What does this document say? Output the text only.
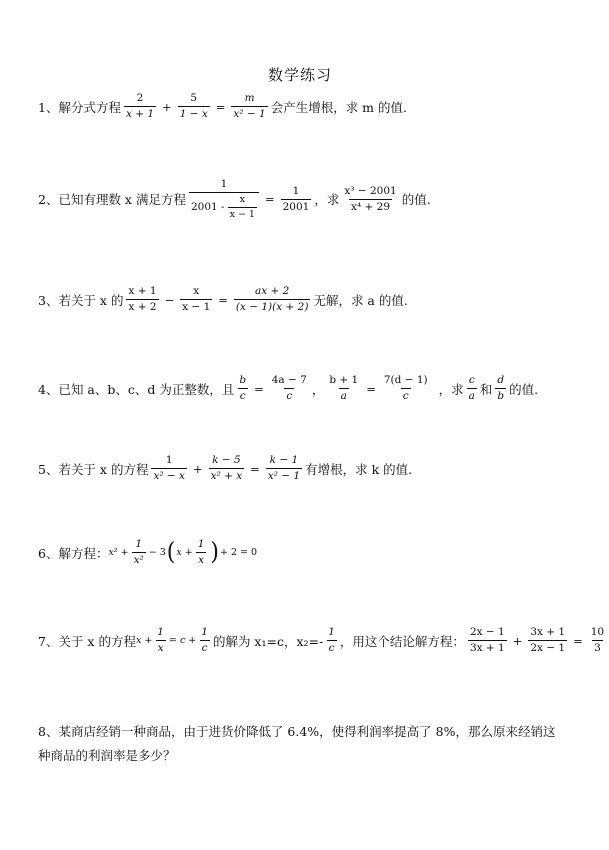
数学练习
1、解分式方程 $\frac{2}{x + 1} + \frac{5}{1 - x} = \frac{m}{\text{x² − 1}}$ 会产生增根，求 m 的值.
2、已知有理数 x 满足方程 $\frac{1}{2001 - \frac{x}{x - 1}} = \frac{1}{2001}$ ，求 $\frac{\text{x³ − 2001}}{\text{x⁴ + 29}}$ 的值.
3、若关于 x 的 $\frac{x + 1}{x + 2} - \frac{x}{x - 1} = \frac{ax + 2}{(x - 1)(x + 2)}$ 无解，求 a 的值.
4、已知 a、b、c、d 为正整数，且 $\frac{b}{c} = \frac{4a - 7}{c}$ ， $\frac{b + 1}{a} = \frac{7(d - 1)}{c}$ ，求 $\frac{c}{a}$ 和 $\frac{d}{b}$ 的值.
5、若关于 x 的方程 $\frac{1}{\text{x² − x}} + \frac{k - 5}{\text{x² + x}} = \frac{k - 1}{\text{x² − 1}}$ 有增根，求 k 的值.
6、解方程： $x^2 + \frac{1}{\text{x²}} - 3$ ( $x + \frac{1}{x}$ ) + 2 = 0
7、关于 x 的方程 $x + \frac{1}{x} = c + \frac{1}{c}$ 的解为 x₁=c，$x_2=- \frac{1}{c}$ ，用这个结论解方程： $\frac{2x - 1}{3x + 1} + \frac{3x + 1}{2x - 1} = \frac{10}{3}$
8、某商店经销一种商品，由于进货价降低了 6.4%，使得利润率提高了 8%，那么原来经销这种商品的利润率是多少？
